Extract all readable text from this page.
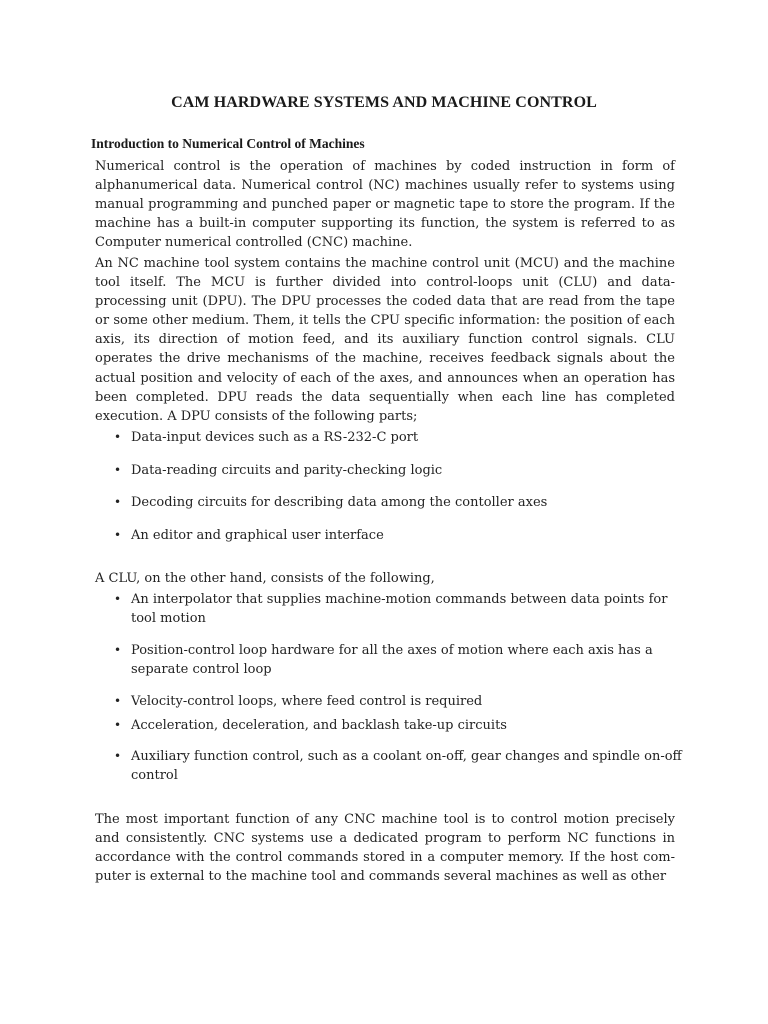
CAM HARDWARE SYSTEMS AND MACHINE CONTROL
Introduction to Numerical Control of Machines

Numerical control is the operation of machines by coded instruction in form of alphanumerical data. Numerical control (NC) machines usually refer to systems using manual programming and punched paper or magnetic tape to store the program. If the machine has a built-in computer supporting its function, the system is referred to as Computer numerical controlled (CNC) machine.

An NC machine tool system contains the machine control unit (MCU) and the machine tool itself. The MCU is further divided into control-loops unit (CLU) and data-processing unit (DPU). The DPU processes the coded data that are read from the tape or some other medium. Them, it tells the CPU specific information: the position of each axis, its direction of motion feed, and its auxiliary function control signals. CLU operates the drive mechanisms of the machine, receives feedback signals about the actual position and velocity of each of the axes, and announces when an operation has been completed. DPU reads the data sequentially when each line has completed execution. A DPU consists of the following parts;

• Data-input devices such as a RS-232-C port
• Data-reading circuits and parity-checking logic
• Decoding circuits for describing data among the contoller axes
• An editor and graphical user interface

A CLU, on the other hand, consists of the following,

• An interpolator that supplies machine-motion commands between data points for tool motion
• Position-control loop hardware for all the axes of motion where each axis has a separate control loop
• Velocity-control loops, where feed control is required
• Acceleration, deceleration, and backlash take-up circuits
• Auxiliary function control, such as a coolant on-off, gear changes and spindle on-off control

The most important function of any CNC machine tool is to control motion precisely and consistently. CNC systems use a dedicated program to perform NC functions in accordance with the control commands stored in a computer memory. If the host computer is external to the machine tool and commands several machines as well as other
